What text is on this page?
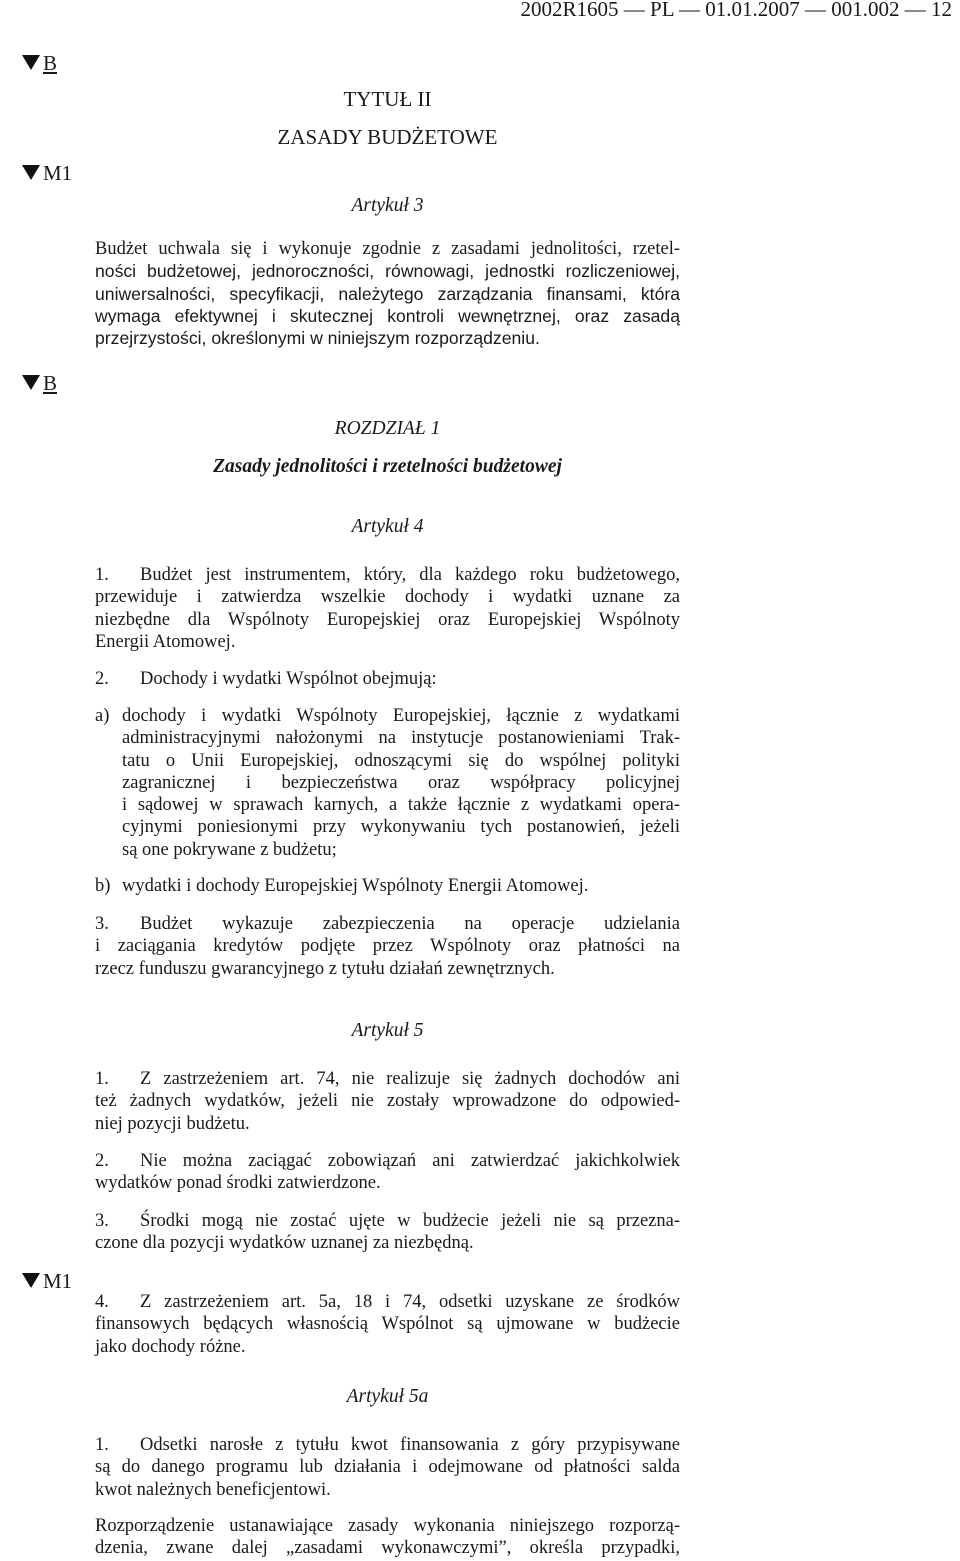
2002R1605 — PL — 01.01.2007 — 001.002 — 12
B
M1
B
M1
TYTUŁ II
ZASADY BUDŻETOWE
Artykuł 3
Budżet uchwala się i wykonuje zgodnie z zasadami jednolitości, rzetel-
ności budżetowej, jednoroczności, równowagi, jednostki rozliczeniowej,
uniwersalności, specyfikacji, należytego zarządzania finansami, która
wymaga efektywnej i skutecznej kontroli wewnętrznej, oraz zasadą
przejrzystości, określonymi w niniejszym rozporządzeniu.
ROZDZIAŁ 1
Zasady jednolitości i rzetelności budżetowej
Artykuł 4
1. Budżet jest instrumentem, który, dla każdego roku budżetowego,
przewiduje i zatwierdza wszelkie dochody i wydatki uznane za
niezbędne dla Wspólnoty Europejskiej oraz Europejskiej Wspólnoty
Energii Atomowej.
2. Dochody i wydatki Wspólnot obejmują:
a) dochody i wydatki Wspólnoty Europejskiej, łącznie z wydatkami
administracyjnymi nałożonymi na instytucje postanowieniami Trak-
tatu o Unii Europejskiej, odnoszącymi się do wspólnej polityki
zagranicznej i bezpieczeństwa oraz współpracy policyjnej
i sądowej w sprawach karnych, a także łącznie z wydatkami opera-
cyjnymi poniesionymi przy wykonywaniu tych postanowień, jeżeli
są one pokrywane z budżetu;
b) wydatki i dochody Europejskiej Wspólnoty Energii Atomowej.
3. Budżet wykazuje zabezpieczenia na operacje udzielania
i zaciągania kredytów podjęte przez Wspólnoty oraz płatności na
rzecz funduszu gwarancyjnego z tytułu działań zewnętrznych.
Artykuł 5
1. Z zastrzeżeniem art. 74, nie realizuje się żadnych dochodów ani
też żadnych wydatków, jeżeli nie zostały wprowadzone do odpowied-
niej pozycji budżetu.
2. Nie można zaciągać zobowiązań ani zatwierdzać jakichkolwiek
wydatków ponad środki zatwierdzone.
3. Środki mogą nie zostać ujęte w budżecie jeżeli nie są przezna-
czone dla pozycji wydatków uznanej za niezbędną.
4. Z zastrzeżeniem art. 5a, 18 i 74, odsetki uzyskane ze środków
finansowych będących własnością Wspólnot są ujmowane w budżecie
jako dochody różne.
Artykuł 5a
1. Odsetki narosłe z tytułu kwot finansowania z góry przypisywane
są do danego programu lub działania i odejmowane od płatności salda
kwot należnych beneficjentowi.
Rozporządzenie ustanawiające zasady wykonania niniejszego rozporzą-
dzenia, zwane dalej „zasadami wykonawczymi”, określa przypadki,
